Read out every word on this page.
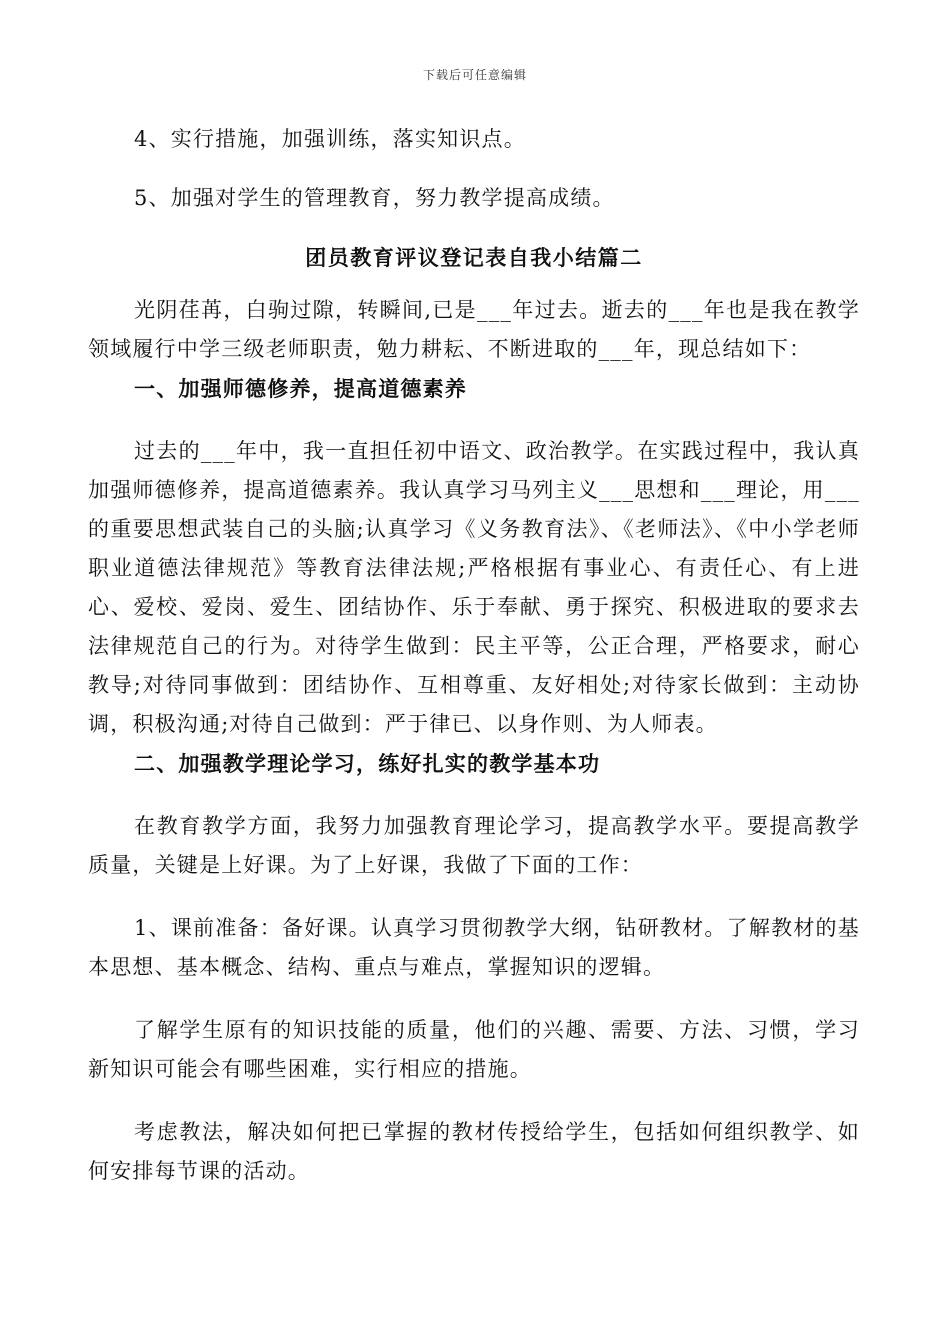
下载后可任意编辑

4、实行措施，加强训练，落实知识点。

5、加强对学生的管理教育，努力教学提高成绩。

团员教育评议登记表自我小结篇二

光阴荏苒，白驹过隙，转瞬间,已是___年过去。逝去的___年也是我在教学领域履行中学三级老师职责，勉力耕耘、不断进取的___年，现总结如下：

一、加强师德修养，提高道德素养

过去的___年中，我一直担任初中语文、政治教学。在实践过程中，我认真加强师德修养，提高道德素养。我认真学习马列主义___思想和___理论，用___的重要思想武装自己的头脑;认真学习《义务教育法》、《老师法》、《中小学老师职业道德法律规范》等教育法律法规;严格根据有事业心、有责任心、有上进心、爱校、爱岗、爱生、团结协作、乐于奉献、勇于探究、积极进取的要求去法律规范自己的行为。对待学生做到：民主平等，公正合理，严格要求，耐心教导;对待同事做到：团结协作、互相尊重、友好相处;对待家长做到：主动协调，积极沟通;对待自己做到：严于律已、以身作则、为人师表。

二、加强教学理论学习，练好扎实的教学基本功

在教育教学方面，我努力加强教育理论学习，提高教学水平。要提高教学质量，关键是上好课。为了上好课，我做了下面的工作：

1、课前准备：备好课。认真学习贯彻教学大纲，钻研教材。了解教材的基本思想、基本概念、结构、重点与难点，掌握知识的逻辑。

了解学生原有的知识技能的质量，他们的兴趣、需要、方法、习惯，学习新知识可能会有哪些困难，实行相应的措施。

考虑教法，解决如何把已掌握的教材传授给学生，包括如何组织教学、如何安排每节课的活动。
